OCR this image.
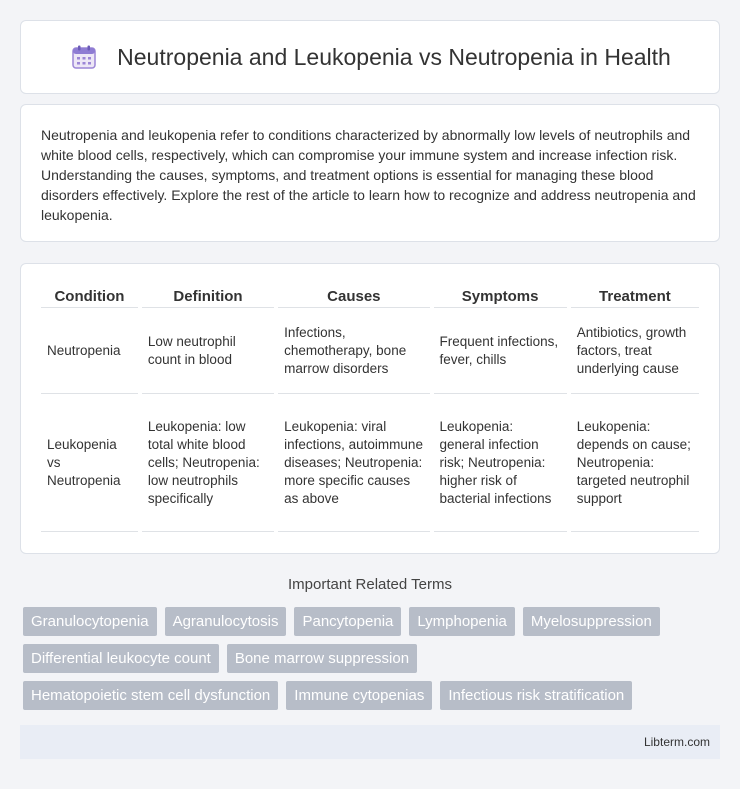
Neutropenia and Leukopenia vs Neutropenia in Health

Neutropenia and leukopenia refer to conditions characterized by abnormally low levels of neutrophils and white blood cells, respectively, which can compromise your immune system and increase infection risk. Understanding the causes, symptoms, and treatment options is essential for managing these blood disorders effectively. Explore the rest of the article to learn how to recognize and address neutropenia and leukopenia.

Condition	Definition	Causes	Symptoms	Treatment
Neutropenia	Low neutrophil count in blood	Infections, chemotherapy, bone marrow disorders	Frequent infections, fever, chills	Antibiotics, growth factors, treat underlying cause
Leukopenia vs Neutropenia	Leukopenia: low total white blood cells; Neutropenia: low neutrophils specifically	Leukopenia: viral infections, autoimmune diseases; Neutropenia: more specific causes as above	Leukopenia: general infection risk; Neutropenia: higher risk of bacterial infections	Leukopenia: depends on cause; Neutropenia: targeted neutrophil support
Important Related Terms
Granulocytopenia	Agranulocytosis	Pancytopenia	Lymphopenia	Myelosuppression
Differential leukocyte count	Bone marrow suppression
Hematopoietic stem cell dysfunction	Immune cytopenias	Infectious risk stratification
Libterm.com
